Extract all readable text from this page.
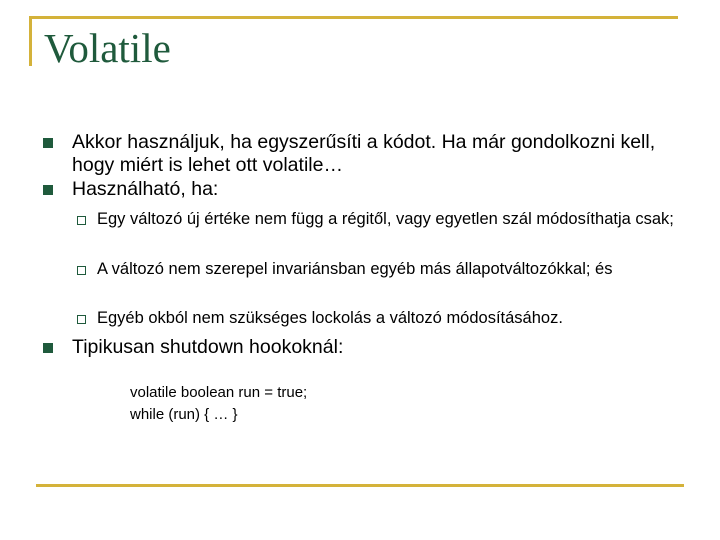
Volatile
Akkor használjuk, ha egyszerűsíti a kódot. Ha már gondolkozni kell, hogy miért is lehet ott volatile…
Használható, ha:
Egy változó új értéke nem függ a régitől, vagy egyetlen szál módosíthatja csak;
A változó nem szerepel invariánsban egyéb más állapotváltozókkal; és
Egyéb okból nem szükséges lockolás a változó módosításához.
Tipikusan shutdown hookoknál:
volatile boolean run = true;
while (run) { … }
